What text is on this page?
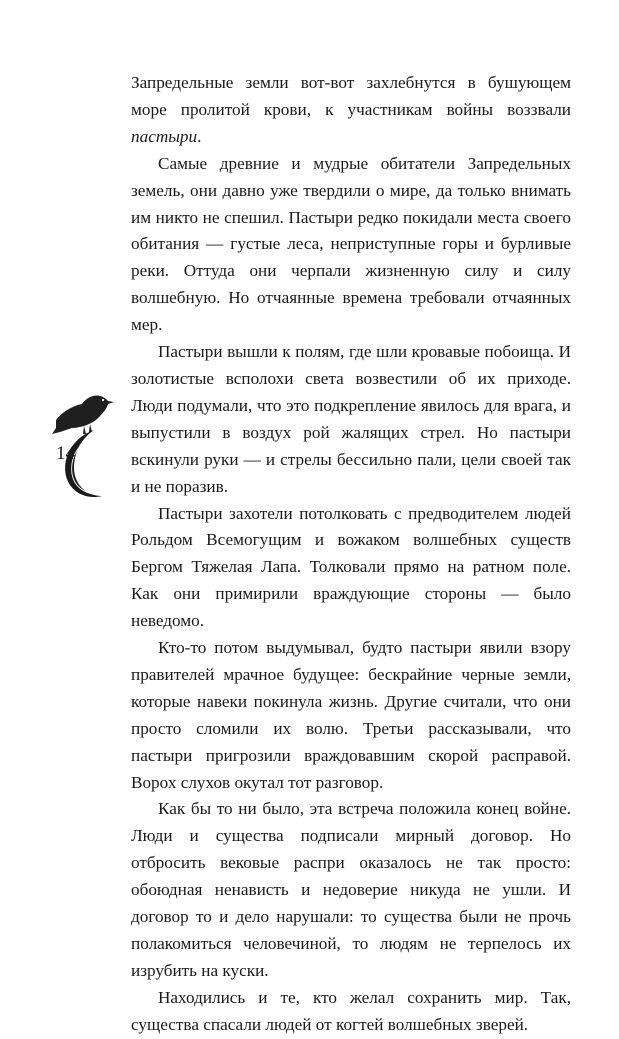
Запредельные земли вот-вот захлебнутся в бушующем море пролитой крови, к участникам войны воззвали пастыри.

Самые древние и мудрые обитатели Запредельных земель, они давно уже твердили о мире, да только внимать им никто не спешил. Пастыри редко покидали места своего обитания — густые леса, неприступные горы и бурливые реки. Оттуда они черпали жизненную силу и силу волшебную. Но отчаянные времена требовали отчаянных мер.

Пастыри вышли к полям, где шли кровавые побоища. И золотистые всполохи света возвестили об их приходе. Люди подумали, что это подкрепление явилось для врага, и выпустили в воздух рой жалящих стрел. Но пастыри вскинули руки — и стрелы бессильно пали, цели своей так и не поразив.

Пастыри захотели потолковать с предводителем людей Рольдом Всемогущим и вожаком волшебных существ Бергом Тяжелая Лапа. Толковали прямо на ратном поле. Как они примирили враждующие стороны — было неведомо.

Кто-то потом выдумывал, будто пастыри явили взору правителей мрачное будущее: бескрайние черные земли, которые навеки покинула жизнь. Другие считали, что они просто сломили их волю. Третьи рассказывали, что пастыри пригрозили враждовавшим скорой расправой. Ворох слухов окутал тот разговор.

Как бы то ни было, эта встреча положила конец войне. Люди и существа подписали мирный договор. Но отбросить вековые распри оказалось не так просто: обоюдная ненависть и недоверие никуда не ушли. И договор то и дело нарушали: то существа были не прочь полакомиться человечиной, то людям не терпелось их изрубить на куски.

Находились и те, кто желал сохранить мир. Так, существа спасали людей от когтей волшебных зверей.

14
